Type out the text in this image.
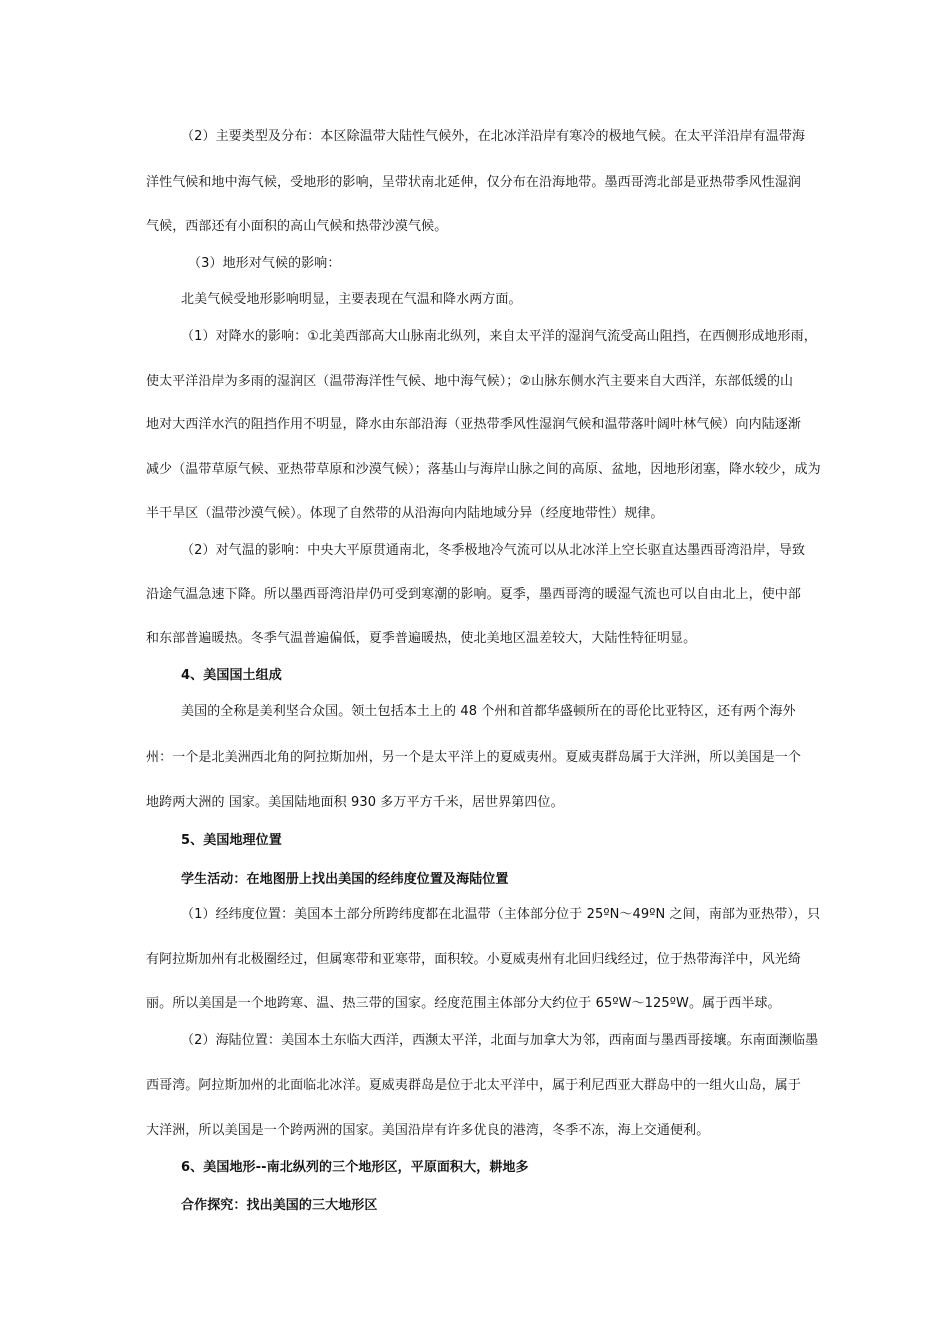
（2）主要类型及分布：本区除温带大陆性气候外，在北冰洋沿岸有寒冷的极地气候。在太平洋沿岸有温带海
洋性气候和地中海气候，受地形的影响，呈带状南北延伸，仅分布在沿海地带。墨西哥湾北部是亚热带季风性湿润
气候，西部还有小面积的高山气候和热带沙漠气候。
（3）地形对气候的影响：
北美气候受地形影响明显，主要表现在气温和降水两方面。
（1）对降水的影响：①北美西部高大山脉南北纵列，来自太平洋的湿润气流受高山阻挡，在西侧形成地形雨，
使太平洋沿岸为多雨的湿润区（温带海洋性气候、地中海气候）；②山脉东侧水汽主要来自大西洋，东部低缓的山
地对大西洋水汽的阻挡作用不明显，降水由东部沿海（亚热带季风性湿润气候和温带落叶阔叶林气候）向内陆逐渐
减少（温带草原气候、亚热带草原和沙漠气候）；落基山与海岸山脉之间的高原、盆地，因地形闭塞，降水较少，成为
半干旱区（温带沙漠气候）。体现了自然带的从沿海向内陆地域分异（经度地带性）规律。
（2）对气温的影响：中央大平原贯通南北，冬季极地冷气流可以从北冰洋上空长驱直达墨西哥湾沿岸，导致
沿途气温急速下降。所以墨西哥湾沿岸仍可受到寒潮的影响。夏季，墨西哥湾的暖湿气流也可以自由北上，使中部
和东部普遍暖热。冬季气温普遍偏低，夏季普遍暖热，使北美地区温差较大，大陆性特征明显。
4、美国国土组成
美国的全称是美利坚合众国。领土包括本土上的 48 个州和首都华盛顿所在的哥伦比亚特区，还有两个海外
州：一个是北美洲西北角的阿拉斯加州，另一个是太平洋上的夏威夷州。夏威夷群岛属于大洋洲，所以美国是一个
地跨两大洲的 国家。美国陆地面积 930 多万平方千米，居世界第四位。
5、美国地理位置
学生活动：在地图册上找出美国的经纬度位置及海陆位置
（1）经纬度位置：美国本土部分所跨纬度都在北温带（主体部分位于 25ºN～49ºN 之间，南部为亚热带），只
有阿拉斯加州有北极圈经过，但属寒带和亚寒带，面积较。小夏威夷州有北回归线经过，位于热带海洋中，风光绮
丽。所以美国是一个地跨寒、温、热三带的国家。经度范围主体部分大约位于 65ºW～125ºW。属于西半球。
（2）海陆位置：美国本土东临大西洋，西濒太平洋，北面与加拿大为邻，西南面与墨西哥接壤。东南面濒临墨
西哥湾。阿拉斯加州的北面临北冰洋。夏威夷群岛是位于北太平洋中，属于利尼西亚大群岛中的一组火山岛，属于
大洋洲，所以美国是一个跨两洲的国家。美国沿岸有许多优良的港湾，冬季不冻，海上交通便利。
6、美国地形--南北纵列的三个地形区，平原面积大，耕地多
合作探究：找出美国的三大地形区
